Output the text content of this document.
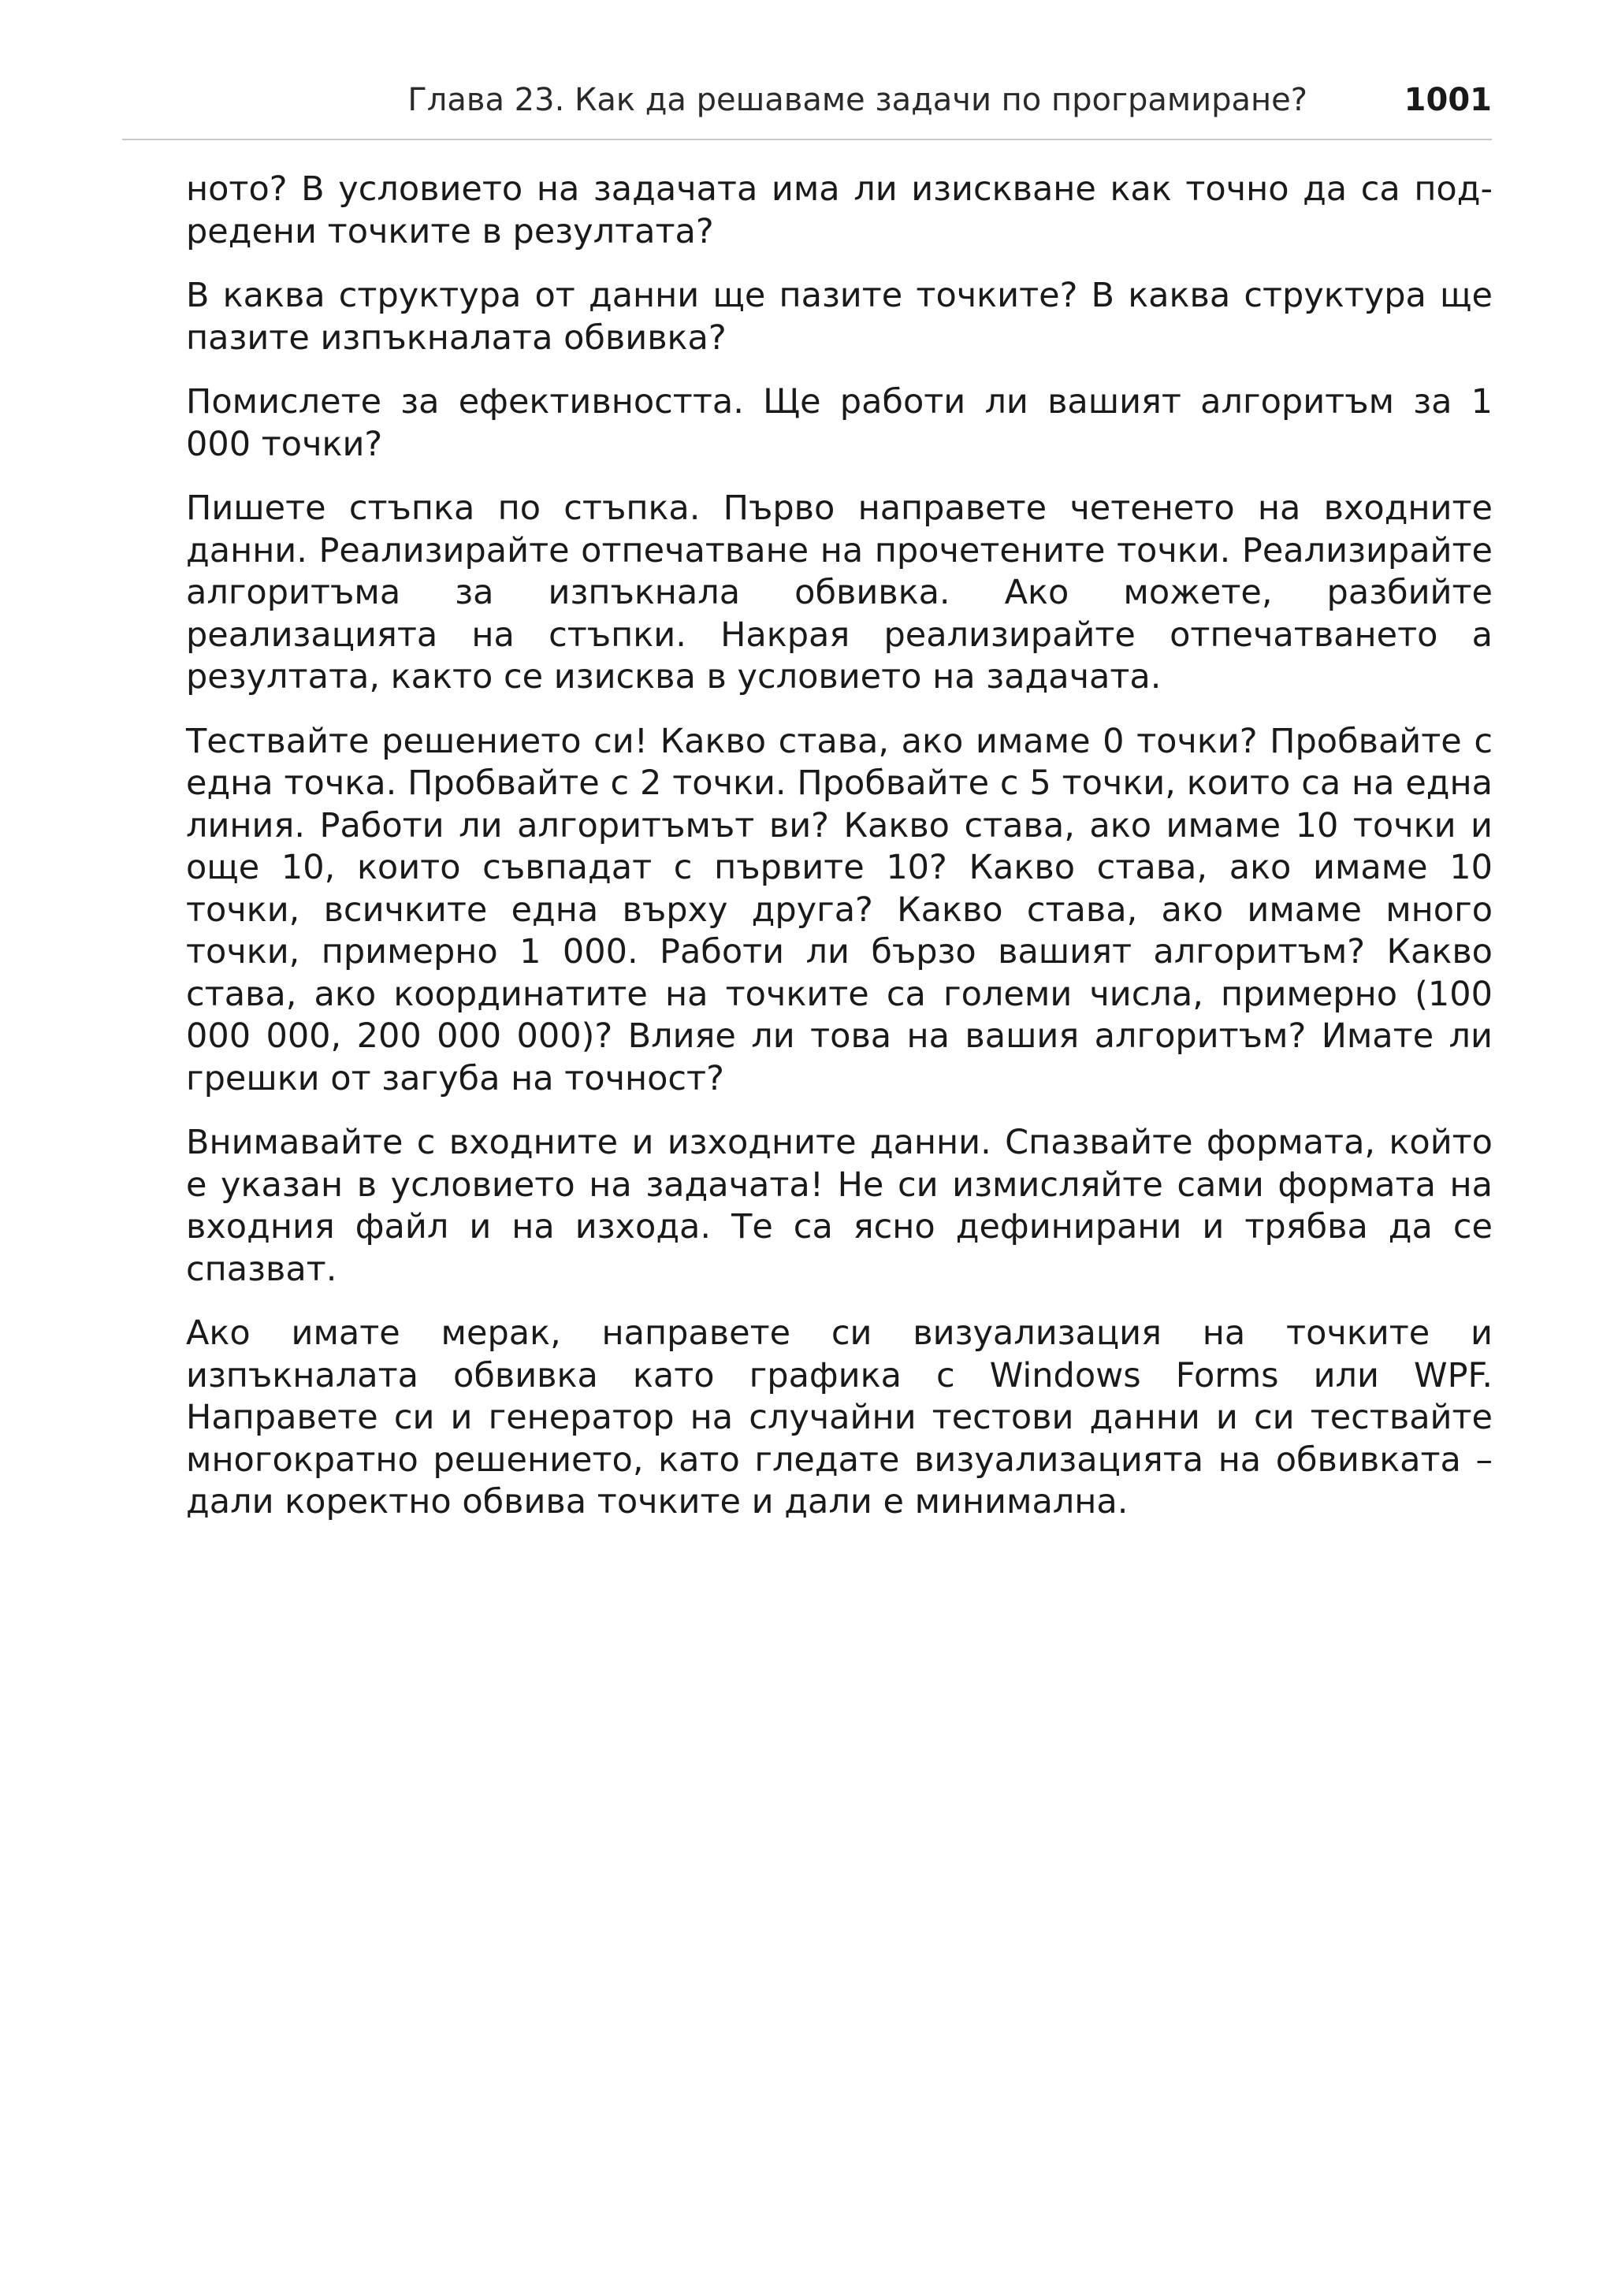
Глава 23. Как да решаваме задачи по програмиране?	1001

ното? В условието на задачата има ли изискване как точно да са подредени точките в резултата?

В каква структура от данни ще пазите точките? В каква структура ще пазите изпъкналата обвивка?

Помислете за ефективността. Ще работи ли вашият алгоритъм за 1 000 точки?

Пишете стъпка по стъпка. Първо направете четенето на входните данни. Реализирайте отпечатване на прочетените точки. Реализирайте алгоритъма за изпъкнала обвивка. Ако можете, разбийте реализацията на стъпки. Накрая реализирайте отпечатването а резултата, както се изисква в условието на задачата.

Тествайте решението си! Какво става, ако имаме 0 точки? Пробвайте с една точка. Пробвайте с 2 точки. Пробвайте с 5 точки, които са на една линия. Работи ли алгоритъмът ви? Какво става, ако имаме 10 точки и още 10, които съвпадат с първите 10? Какво става, ако имаме 10 точки, всичките една върху друга? Какво става, ако имаме много точки, примерно 1 000. Работи ли бързо вашият алгоритъм? Какво става, ако координатите на точките са големи числа, примерно (100 000 000, 200 000 000)? Влияе ли това на вашия алгоритъм? Имате ли грешки от загуба на точност?

Внимавайте с входните и изходните данни. Спазвайте формата, който е указан в условието на задачата! Не си измисляйте сами формата на входния файл и на изхода. Те са ясно дефинирани и трябва да се спазват.

Ако имате мерак, направете си визуализация на точките и изпъкналата обвивка като графика с Windows Forms или WPF. Направете си и генератор на случайни тестови данни и си тествайте многократно решението, като гледате визуализацията на обвивката – дали коректно обвива точките и дали е минимална.
